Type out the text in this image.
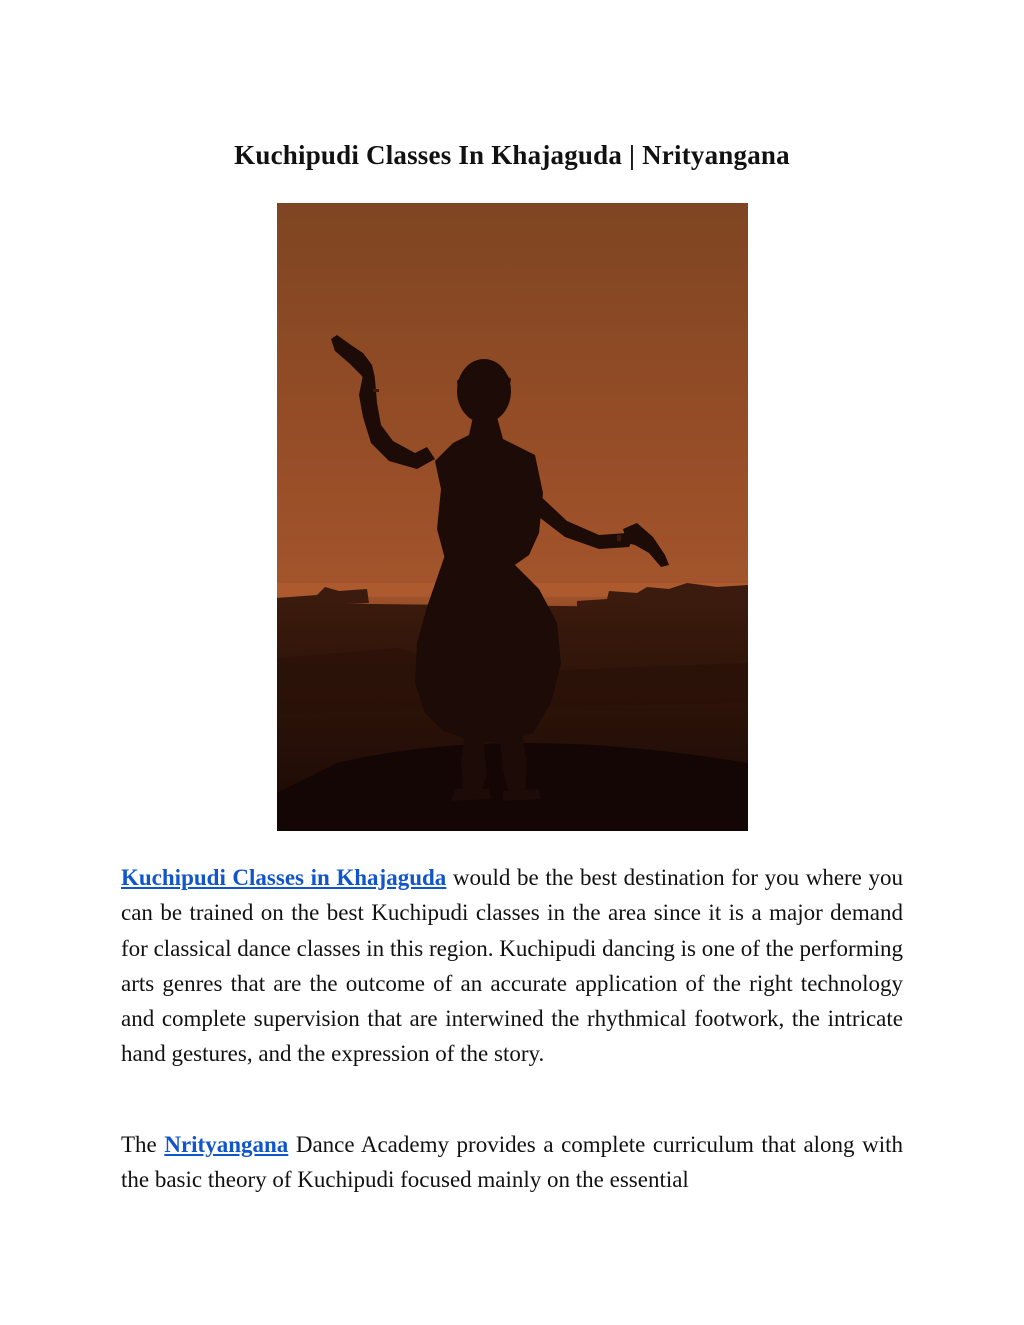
Kuchipudi Classes In Khajaguda | Nrityangana

Kuchipudi Classes in Khajaguda would be the best destination for you where you can be trained on the best Kuchipudi classes in the area since it is a major demand for classical dance classes in this region. Kuchipudi dancing is one of the performing arts genres that are the outcome of an accurate application of the right technology and complete supervision that are interwined the rhythmical footwork, the intricate hand gestures, and the expression of the story.

The Nrityangana Dance Academy provides a complete curriculum that along with the basic theory of Kuchipudi focused mainly on the essential
